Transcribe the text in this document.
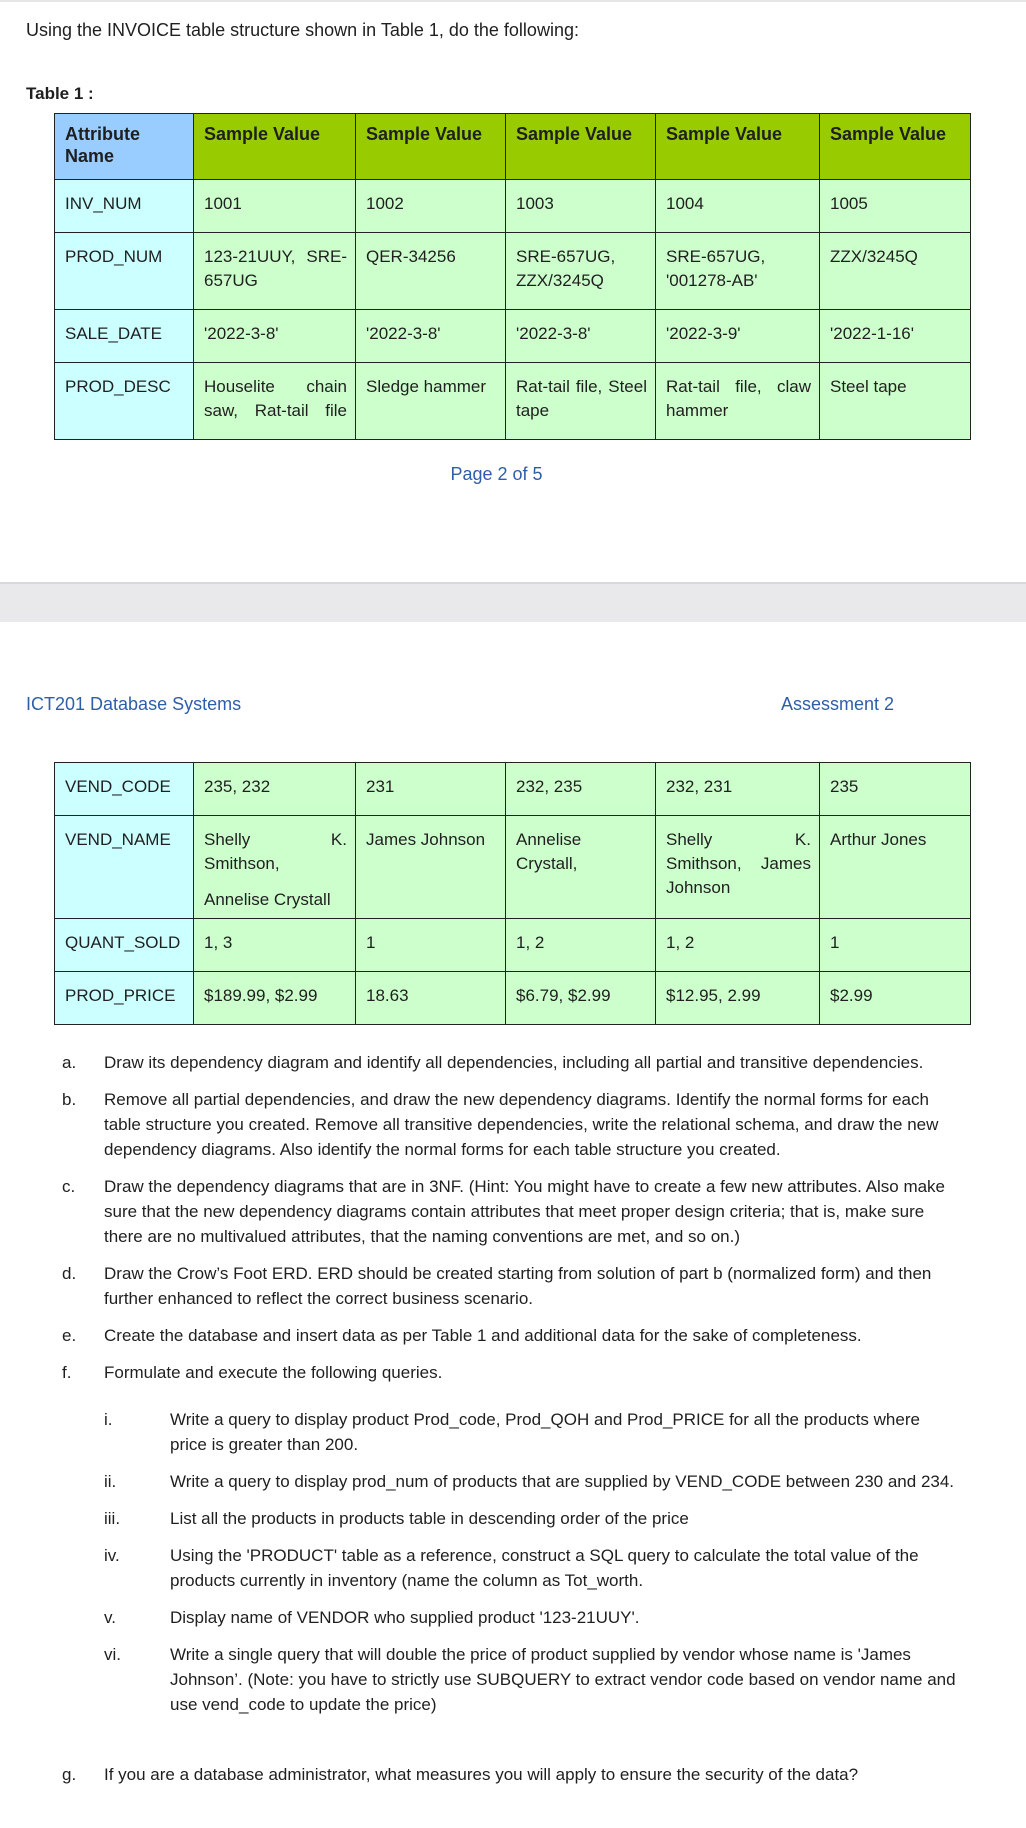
Using the INVOICE table structure shown in Table 1, do the following:
Table 1 :
Attribute Name	Sample Value	Sample Value	Sample Value	Sample Value	Sample Value
INV_NUM	1001	1002	1003	1004	1005
PROD_NUM	123-21UUY, SRE-657UG	QER-34256	SRE-657UG, ZZX/3245Q	SRE-657UG, '001278-AB'	ZZX/3245Q
SALE_DATE	'2022-3-8'	'2022-3-8'	'2022-3-8'	'2022-3-9'	'2022-1-16'
PROD_DESC	Houselite chain saw, Rat-tail file	Sledge hammer	Rat-tail file, Steel tape	Rat-tail file, claw hammer	Steel tape
Page 2 of 5
ICT201 Database Systems	Assessment 2
VEND_CODE	235, 232	231	232, 235	232, 231	235
VEND_NAME	Shelly K. Smithson,
Annelise Crystall	James Johnson	Annelise Crystall,	Shelly K. Smithson, James Johnson	Arthur Jones
QUANT_SOLD	1, 3	1	1, 2	1, 2	1
PROD_PRICE	$189.99, $2.99	18.63	$6.79, $2.99	$12.95, 2.99	$2.99
a.	Draw its dependency diagram and identify all dependencies, including all partial and transitive dependencies.
b.	Remove all partial dependencies, and draw the new dependency diagrams. Identify the normal forms for each table structure you created. Remove all transitive dependencies, write the relational schema, and draw the new dependency diagrams. Also identify the normal forms for each table structure you created.
c.	Draw the dependency diagrams that are in 3NF. (Hint: You might have to create a few new attributes. Also make sure that the new dependency diagrams contain attributes that meet proper design criteria; that is, make sure there are no multivalued attributes, that the naming conventions are met, and so on.)
d.	Draw the Crow’s Foot ERD. ERD should be created starting from solution of part b (normalized form) and then further enhanced to reflect the correct business scenario.
e.	Create the database and insert data as per Table 1 and additional data for the sake of completeness.
f.	Formulate and execute the following queries.
i.	Write a query to display product Prod_code, Prod_QOH and Prod_PRICE for all the products where price is greater than 200.
ii.	Write a query to display prod_num of products that are supplied by VEND_CODE between 230 and 234.
iii.	List all the products in products table in descending order of the price
iv.	Using the 'PRODUCT' table as a reference, construct a SQL query to calculate the total value of the products currently in inventory (name the column as Tot_worth.
v.	Display name of VENDOR who supplied product '123-21UUY'.
vi.	Write a single query that will double the price of product supplied by vendor whose name is 'James Johnson’. (Note: you have to strictly use SUBQUERY to extract vendor code based on vendor name and use vend_code to update the price)
g.	If you are a database administrator, what measures you will apply to ensure the security of the data?
